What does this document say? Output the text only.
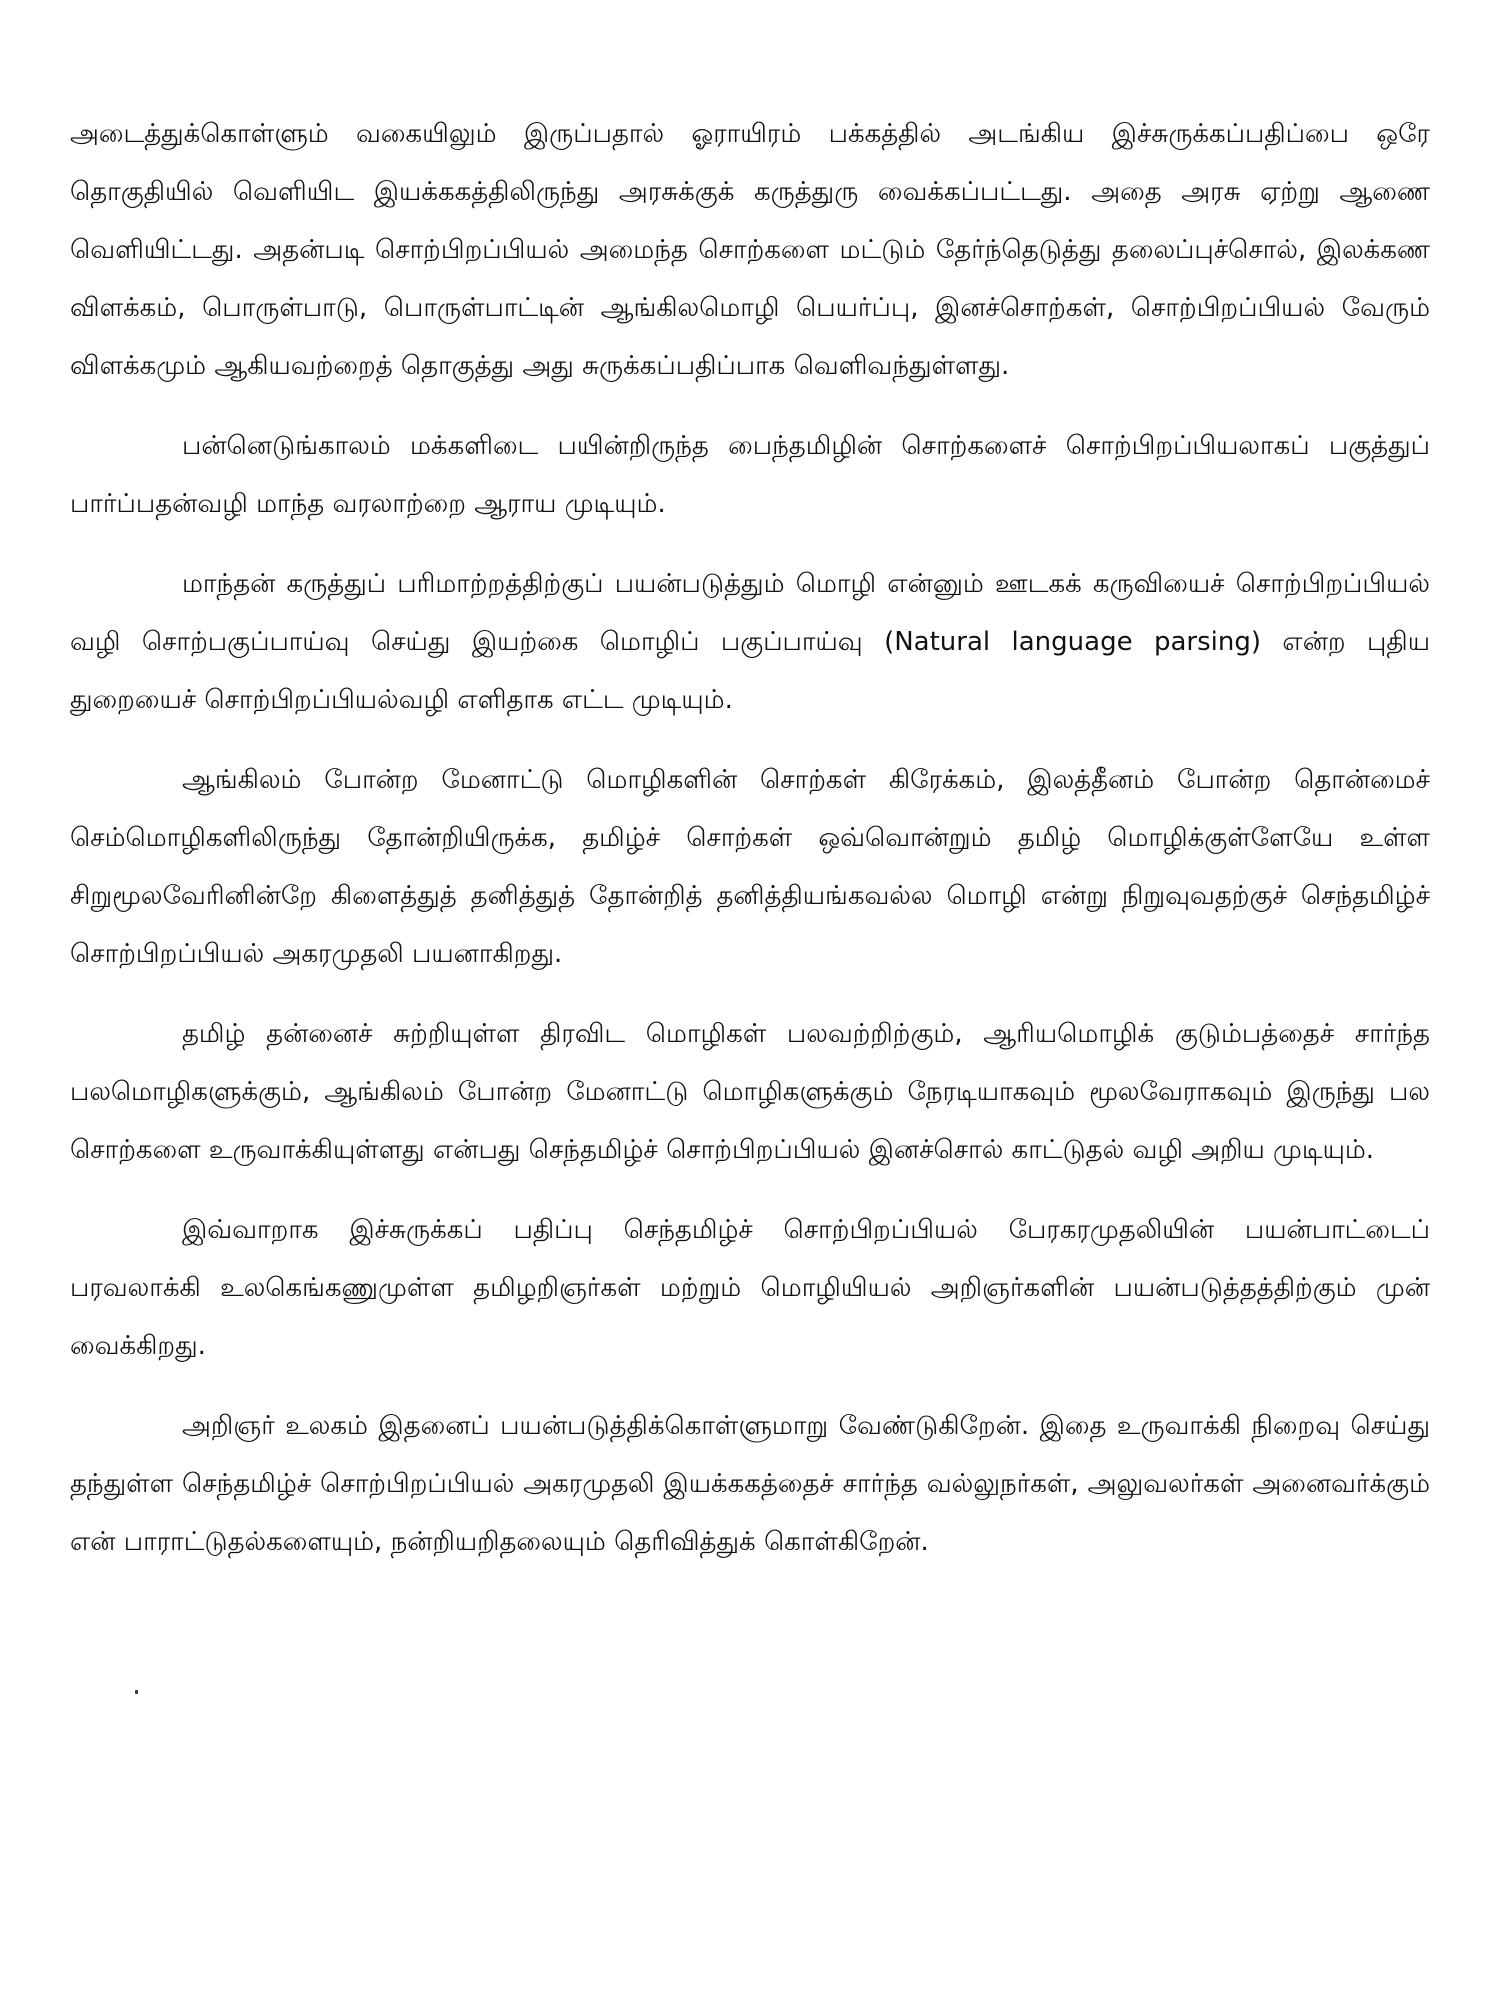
அடைத்துக்கொள்ளும் வகையிலும் இருப்பதால் ஓராயிரம் பக்கத்தில் அடங்கிய இச்சுருக்கப்பதிப்பை ஒரே தொகுதியில் வெளியிட இயக்ககத்திலிருந்து அரசுக்குக் கருத்துரு வைக்கப்பட்டது. அதை அரசு ஏற்று ஆணை வெளியிட்டது. அதன்படி சொற்பிறப்பியல் அமைந்த சொற்களை மட்டும் தேர்ந்தெடுத்து தலைப்புச்சொல், இலக்கண விளக்கம், பொருள்பாடு, பொருள்பாட்டின் ஆங்கிலமொழி பெயர்ப்பு, இனச்சொற்கள், சொற்பிறப்பியல் வேரும் விளக்கமும் ஆகியவற்றைத் தொகுத்து அது சுருக்கப்பதிப்பாக வெளிவந்துள்ளது.

பன்னெடுங்காலம் மக்களிடை பயின்றிருந்த பைந்தமிழின் சொற்களைச் சொற்பிறப்பியலாகப் பகுத்துப் பார்ப்பதன்வழி மாந்த வரலாற்றை ஆராய முடியும்.

மாந்தன் கருத்துப் பரிமாற்றத்திற்குப் பயன்படுத்தும் மொழி என்னும் ஊடகக் கருவியைச் சொற்பிறப்பியல் வழி சொற்பகுப்பாய்வு செய்து இயற்கை மொழிப் பகுப்பாய்வு (Natural language parsing) என்ற புதிய துறையைச் சொற்பிறப்பியல்வழி எளிதாக எட்ட முடியும்.

ஆங்கிலம் போன்ற மேனாட்டு மொழிகளின் சொற்கள் கிரேக்கம், இலத்தீனம் போன்ற தொன்மைச் செம்மொழிகளிலிருந்து தோன்றியிருக்க, தமிழ்ச் சொற்கள் ஒவ்வொன்றும் தமிழ் மொழிக்குள்ளேயே உள்ள சிறுமூலவேரினின்றே கிளைத்துத் தனித்துத் தோன்றித் தனித்தியங்கவல்ல மொழி என்று நிறுவுவதற்குச் செந்தமிழ்ச் சொற்பிறப்பியல் அகரமுதலி பயனாகிறது.

தமிழ் தன்னைச் சுற்றியுள்ள திரவிட மொழிகள் பலவற்றிற்கும், ஆரியமொழிக் குடும்பத்தைச் சார்ந்த பலமொழிகளுக்கும், ஆங்கிலம் போன்ற மேனாட்டு மொழிகளுக்கும் நேரடியாகவும் மூலவேராகவும் இருந்து பல சொற்களை உருவாக்கியுள்ளது என்பது செந்தமிழ்ச் சொற்பிறப்பியல் இனச்சொல் காட்டுதல் வழி அறிய முடியும்.

இவ்வாறாக இச்சுருக்கப் பதிப்பு செந்தமிழ்ச் சொற்பிறப்பியல் பேரகரமுதலியின் பயன்பாட்டைப் பரவலாக்கி உலகெங்கணுமுள்ள தமிழறிஞர்கள் மற்றும் மொழியியல் அறிஞர்களின் பயன்படுத்தத்திற்கும் முன் வைக்கிறது.

அறிஞர் உலகம் இதனைப் பயன்படுத்திக்கொள்ளுமாறு வேண்டுகிறேன். இதை உருவாக்கி நிறைவு செய்து தந்துள்ள செந்தமிழ்ச் சொற்பிறப்பியல் அகரமுதலி இயக்ககத்தைச் சார்ந்த வல்லுநர்கள், அலுவலர்கள் அனைவர்க்கும் என் பாராட்டுதல்களையும், நன்றியறிதலையும் தெரிவித்துக் கொள்கிறேன்.
